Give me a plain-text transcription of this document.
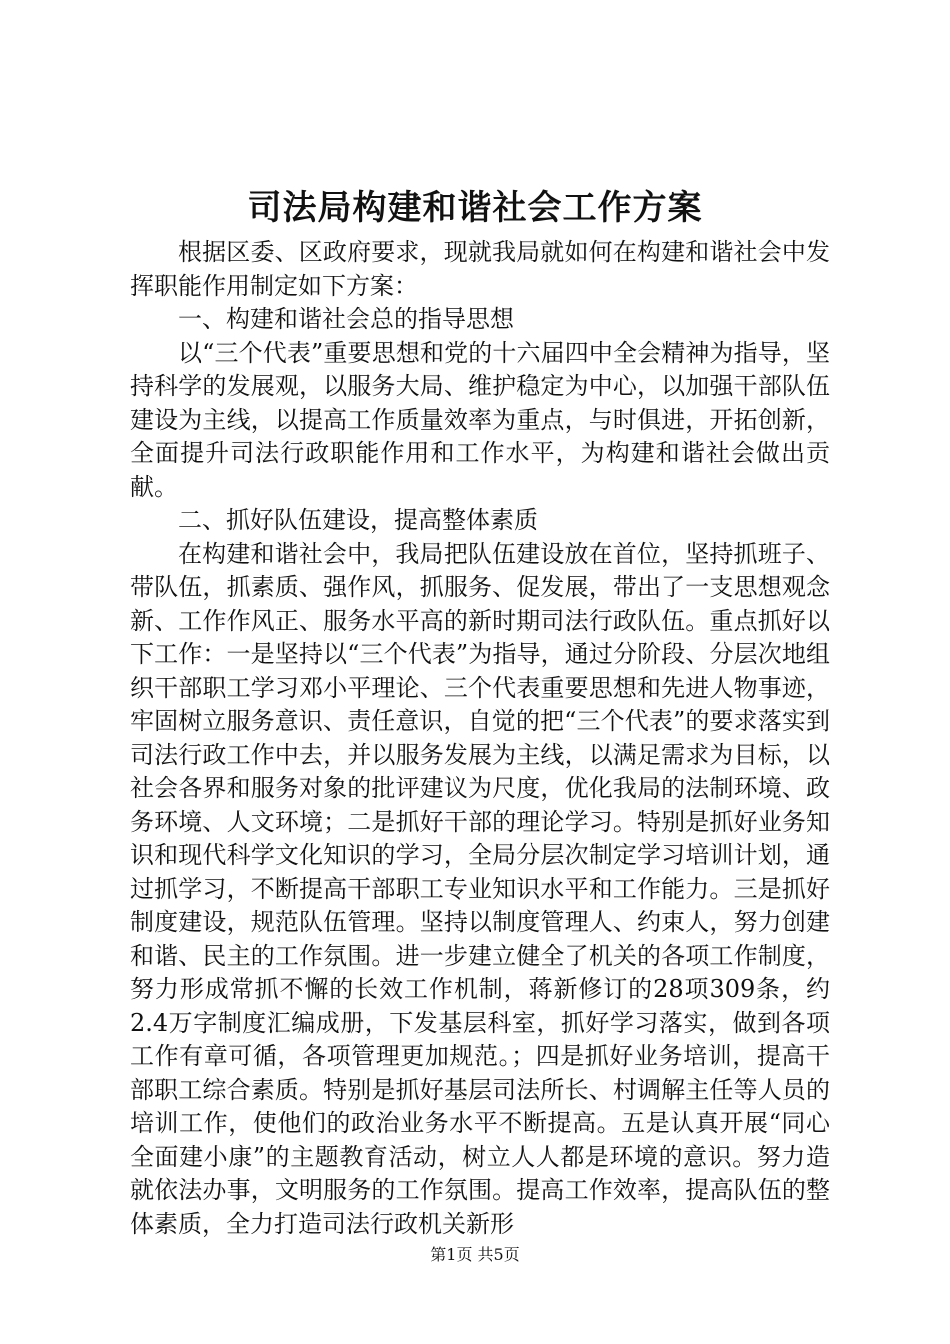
司法局构建和谐社会工作方案

根据区委、区政府要求，现就我局就如何在构建和谐社会中发挥职能作用制定如下方案：

一、构建和谐社会总的指导思想

以“三个代表”重要思想和党的十六届四中全会精神为指导，坚持科学的发展观，以服务大局、维护稳定为中心，以加强干部队伍建设为主线，以提高工作质量效率为重点，与时俱进，开拓创新，全面提升司法行政职能作用和工作水平，为构建和谐社会做出贡献。

二、抓好队伍建设，提高整体素质

在构建和谐社会中，我局把队伍建设放在首位，坚持抓班子、带队伍，抓素质、强作风，抓服务、促发展，带出了一支思想观念新、工作作风正、服务水平高的新时期司法行政队伍。重点抓好以下工作：一是坚持以“三个代表”为指导，通过分阶段、分层次地组织干部职工学习邓小平理论、三个代表重要思想和先进人物事迹，牢固树立服务意识、责任意识，自觉的把“三个代表”的要求落实到司法行政工作中去，并以服务发展为主线，以满足需求为目标，以社会各界和服务对象的批评建议为尺度，优化我局的法制环境、政务环境、人文环境；二是抓好干部的理论学习。特别是抓好业务知识和现代科学文化知识的学习，全局分层次制定学习培训计划，通过抓学习，不断提高干部职工专业知识水平和工作能力。三是抓好制度建设，规范队伍管理。坚持以制度管理人、约束人，努力创建和谐、民主的工作氛围。进一步建立健全了机关的各项工作制度，努力形成常抓不懈的长效工作机制，蒋新修订的28项309条，约2.4万字制度汇编成册，下发基层科室，抓好学习落实，做到各项工作有章可循，各项管理更加规范。；四是抓好业务培训，提高干部职工综合素质。特别是抓好基层司法所长、村调解主任等人员的培训工作，使他们的政治业务水平不断提高。五是认真开展“同心全面建小康”的主题教育活动，树立人人都是环境的意识。努力造就依法办事，文明服务的工作氛围。提高工作效率，提高队伍的整体素质，全力打造司法行政机关新形

第1页 共5页
